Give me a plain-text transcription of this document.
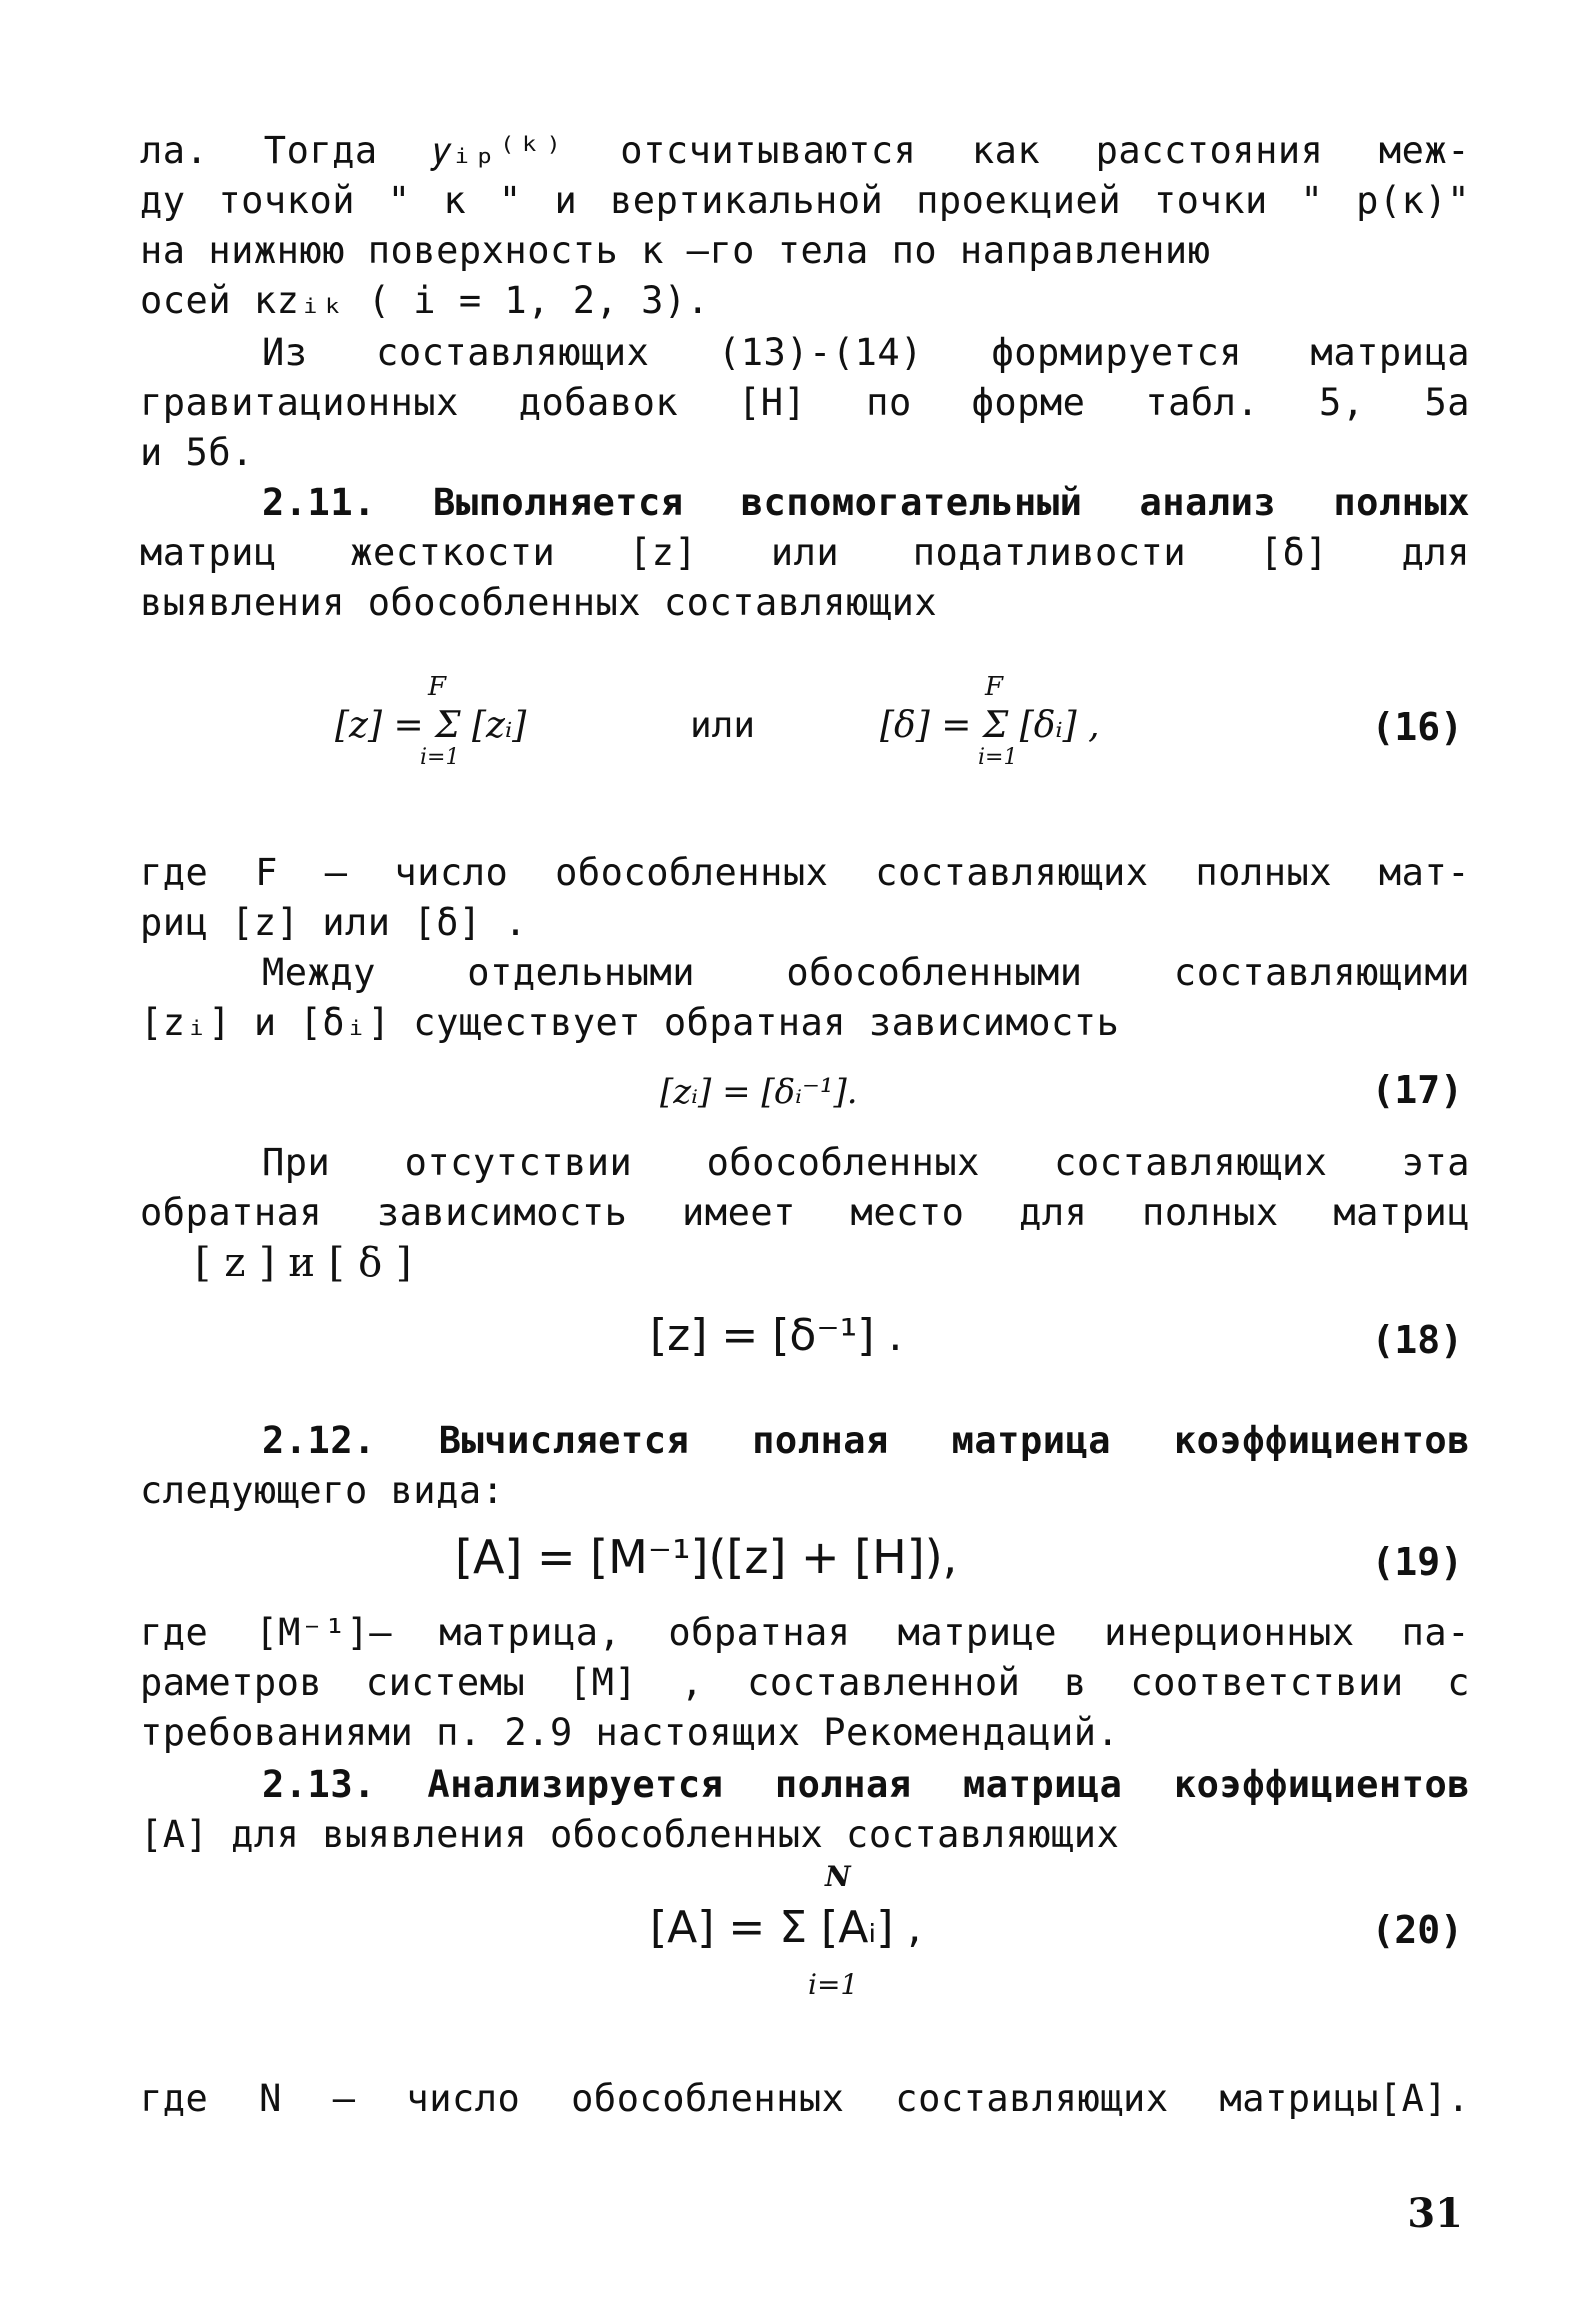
ла. Тогда 𝑦ᵢₚ⁽ᵏ⁾ отсчитываются как расстояния меж-
ду точкой " к " и вертикальной проекцией точки " р(к)"
на нижнюю поверхность к –го тела по направлению
осей кzᵢₖ ( i = 1, 2, 3).
Из составляющих (13)-(14) формируется матрица
гравитационных добавок [H] по форме табл. 5, 5а
и 5б.
2.11. Выполняется вспомогательный анализ полных
матриц жесткости [z] или податливости [δ] для
выявления обособленных составляющих
[z] = Σ [zᵢ]
F
i=1
или	[δ] = Σ [δᵢ] ,
F
i=1
(16)
где F – число обособленных составляющих полных мат-
риц [z] или [δ] .
Между отдельными обособленными составляющими
[zᵢ] и [δᵢ] существует обратная зависимость
[zᵢ] = [δᵢ⁻¹].	(17)
При отсутствии обособленных составляющих эта
обратная зависимость имеет место для полных матриц
[ z ] и [ δ ]
[z] = [δ⁻¹] .	(18)
2.12. Вычисляется полная матрица коэффициентов
следующего вида:
[A] = [M⁻¹]([z] + [H]),	(19)
где [M⁻¹]– матрица, обратная матрице инерционных па-
раметров системы [M] , составленной в соответствии с
требованиями п. 2.9 настоящих Рекомендаций.
2.13. Анализируется полная матрица коэффициентов
[A] для выявления обособленных составляющих
N
[A] = Σ [Aᵢ] ,
i=1
(20)
где N – число обособленных составляющих матрицы[A].
31
